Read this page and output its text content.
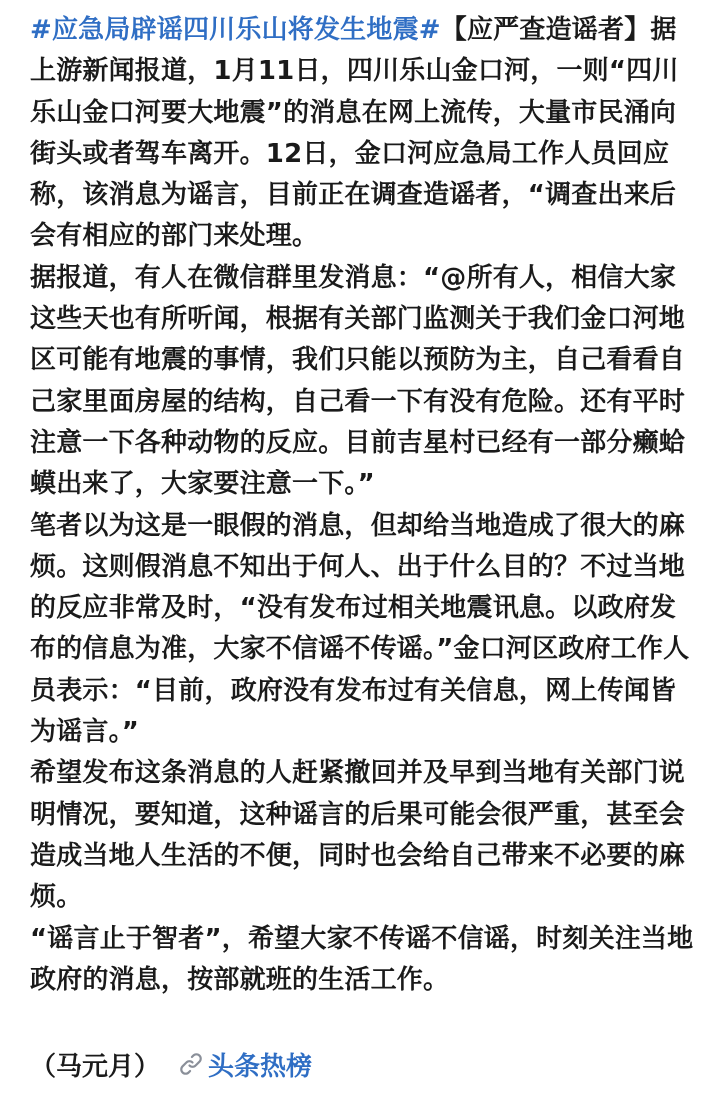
#应急局辟谣四川乐山将发生地震#【应严查造谣者】据上游新闻报道，1月11日，四川乐山金口河，一则“四川乐山金口河要大地震”的消息在网上流传，大量市民涌向街头或者驾车离开。12日，金口河应急局工作人员回应称，该消息为谣言，目前正在调查造谣者，“调查出来后会有相应的部门来处理。

据报道，有人在微信群里发消息：“@所有人，相信大家这些天也有所听闻，根据有关部门监测关于我们金口河地区可能有地震的事情，我们只能以预防为主，自己看看自己家里面房屋的结构，自己看一下有没有危险。还有平时注意一下各种动物的反应。目前吉星村已经有一部分癞蛤蟆出来了，大家要注意一下。”

笔者以为这是一眼假的消息，但却给当地造成了很大的麻烦。这则假消息不知出于何人、出于什么目的？不过当地的反应非常及时，“没有发布过相关地震讯息。以政府发布的信息为准，大家不信谣不传谣。”金口河区政府工作人员表示：“目前，政府没有发布过有关信息，网上传闻皆为谣言。”

希望发布这条消息的人赶紧撤回并及早到当地有关部门说明情况，要知道，这种谣言的后果可能会很严重，甚至会造成当地人生活的不便，同时也会给自己带来不必要的麻烦。

“谣言止于智者”，希望大家不传谣不信谣，时刻关注当地政府的消息，按部就班的生活工作。

（马元月） 头条热榜
